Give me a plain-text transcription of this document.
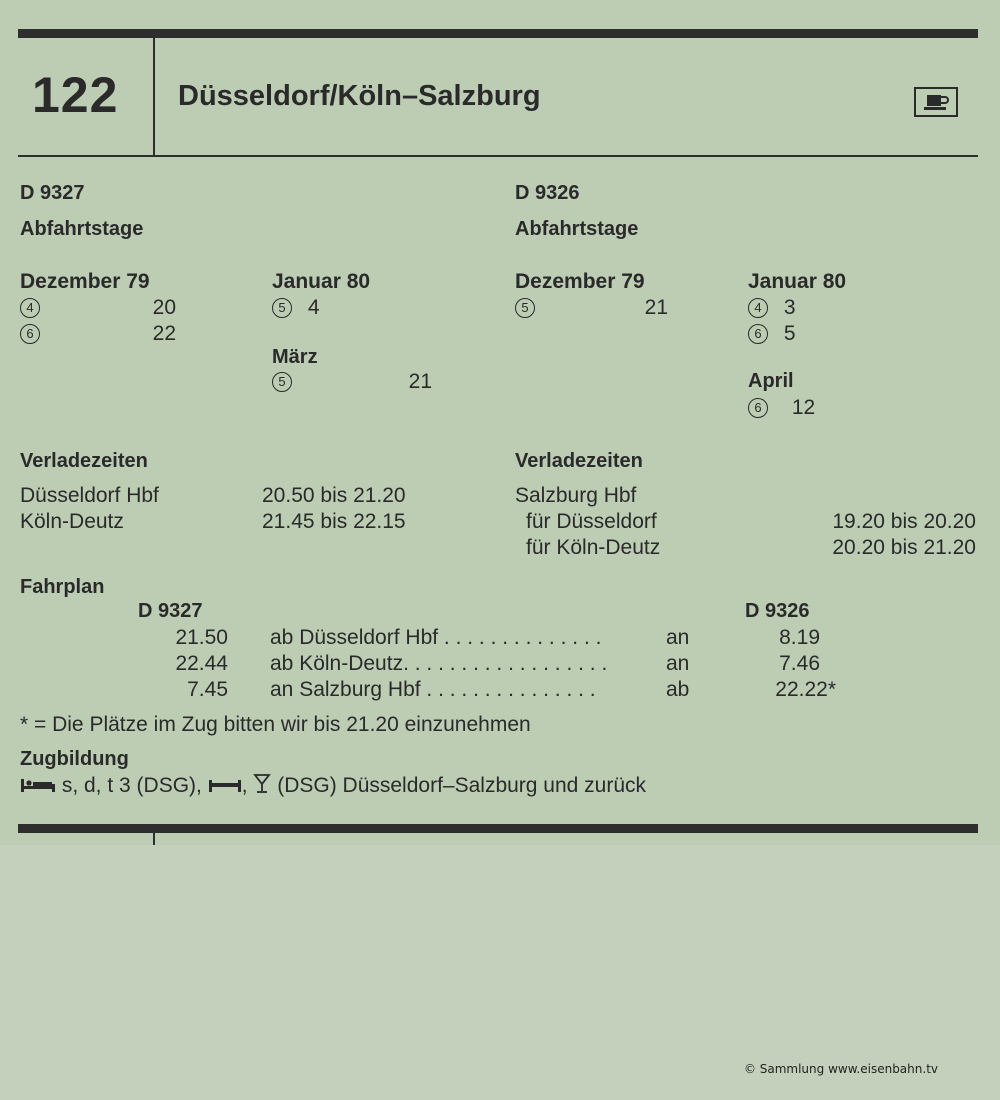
122 Düsseldorf/Köln–Salzburg
D 9327
Abfahrtstage
Dezember 79
4	20
6	22
Januar 80
5 4
März
5	21
Verladezeiten
Düsseldorf Hbf	20.50 bis 21.20
Köln-Deutz	21.45 bis 22.15
D 9326
Abfahrtstage
Dezember 79
5	21
Januar 80
4 3
6 5
April
6 12
Verladezeiten
Salzburg Hbf
für Düsseldorf	19.20 bis 20.20
für Köln-Deutz	20.20 bis 21.20
Fahrplan
D 9327	D 9326
21.50 ab Düsseldorf Hbf . . . . . . . . . . . . . .	an	8.19
22.44 ab Köln-Deutz. . . . . . . . . . . . . . . . . .	an	7.46
7.45 an Salzburg Hbf . . . . . . . . . . . . . . .	ab	22.22*
* = Die Plätze im Zug bitten wir bis 21.20 einzunehmen
Zugbildung
s, d, t 3 (DSG), ,  (DSG) Düsseldorf–Salzburg und zurück
© Sammlung www.eisenbahn.tv
